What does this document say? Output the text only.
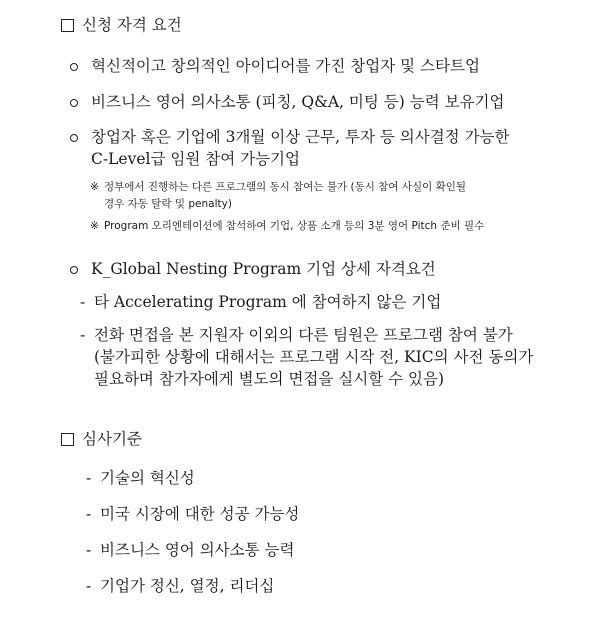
신청 자격 요건
혁신적이고 창의적인 아이디어를 가진 창업자 및 스타트업
비즈니스 영어 의사소통 (피칭, Q&A, 미팅 등) 능력 보유기업
창업자 혹은 기업에 3개월 이상 근무, 투자 등 의사결정 가능한
C-Level급 임원 참여 가능기업
※ 정부에서 진행하는 다른 프로그램의 동시 참여는 불가 (동시 참여 사실이 확인될
경우 자동 탈락 및 penalty)
※ Program 오리엔테이션에 참석하여 기업, 상품 소개 등의 3분 영어 Pitch 준비 필수
K_Global Nesting Program 기업 상세 자격요건
- 타 Accelerating Program 에 참여하지 않은 기업
- 전화 면접을 본 지원자 이외의 다른 팀원은 프로그램 참여 불가
(불가피한 상황에 대해서는 프로그램 시작 전, KIC의 사전 동의가
필요하며 참가자에게 별도의 면접을 실시할 수 있음)
심사기준
- 기술의 혁신성
- 미국 시장에 대한 성공 가능성
- 비즈니스 영어 의사소통 능력
- 기업가 정신, 열정, 리더십
